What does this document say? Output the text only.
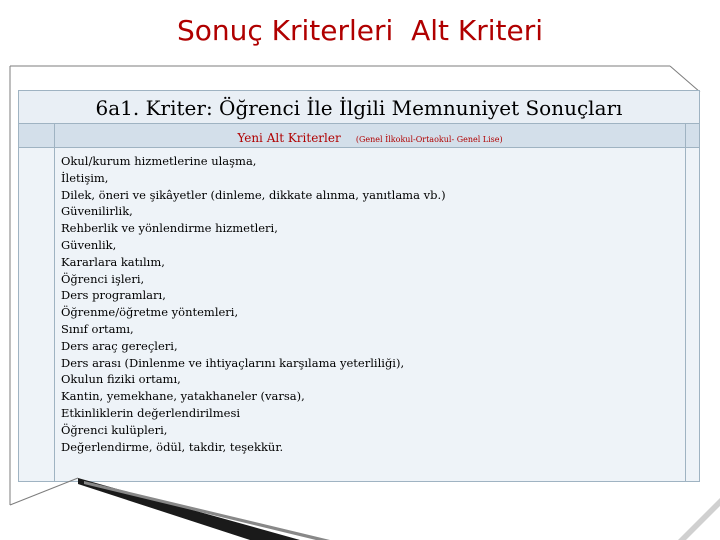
Sonuç Kriterleri  Alt Kriteri
6a1. Kriter: Öğrenci İle İlgili Memnuniyet Sonuçları
Yeni Alt Kriterler (Genel İlkokul-Ortaokul- Genel Lise)
Okul/kurum hizmetlerine ulaşma,
İletişim,
Dilek, öneri ve şikâyetler (dinleme, dikkate alınma, yanıtlama vb.)
Güvenilirlik,
Rehberlik ve yönlendirme hizmetleri,
Güvenlik,
Kararlara katılım,
Öğrenci işleri,
Ders programları,
Öğrenme/öğretme yöntemleri,
Sınıf ortamı,
Ders araç gereçleri,
Ders arası (Dinlenme ve ihtiyaçlarını karşılama yeterliliği),
Okulun fiziki ortamı,
Kantin, yemekhane, yatakhaneler (varsa),
Etkinliklerin değerlendirilmesi
Öğrenci kulüpleri,
Değerlendirme, ödül, takdir, teşekkür.
